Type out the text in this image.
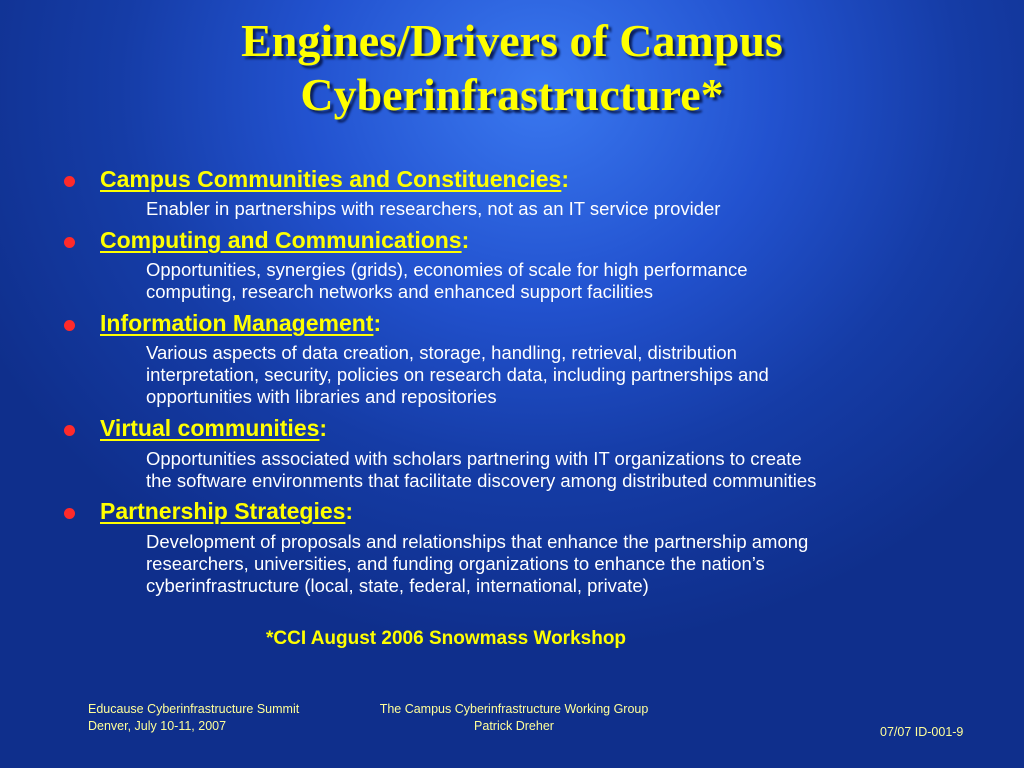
Engines/Drivers of Campus
Cyberinfrastructure*
Campus Communities and Constituencies:
Enabler in partnerships with researchers, not as an IT service provider
Computing and Communications:
Opportunities, synergies (grids), economies of scale for high performance
computing, research networks and enhanced support facilities
Information Management:
Various aspects of data creation, storage, handling, retrieval, distribution
interpretation, security, policies on research data, including partnerships and
opportunities with libraries and repositories
Virtual communities:
Opportunities associated with scholars partnering with IT organizations to create
the software environments that facilitate discovery among distributed communities
Partnership Strategies:
Development of proposals and relationships that enhance the partnership among
researchers, universities, and funding organizations to enhance the nation’s
cyberinfrastructure (local, state, federal, international, private)
*CCI August 2006 Snowmass Workshop
Educause Cyberinfrastructure Summit
Denver, July 10-11, 2007
The Campus Cyberinfrastructure Working Group
Patrick Dreher	07/07 ID-001-9
